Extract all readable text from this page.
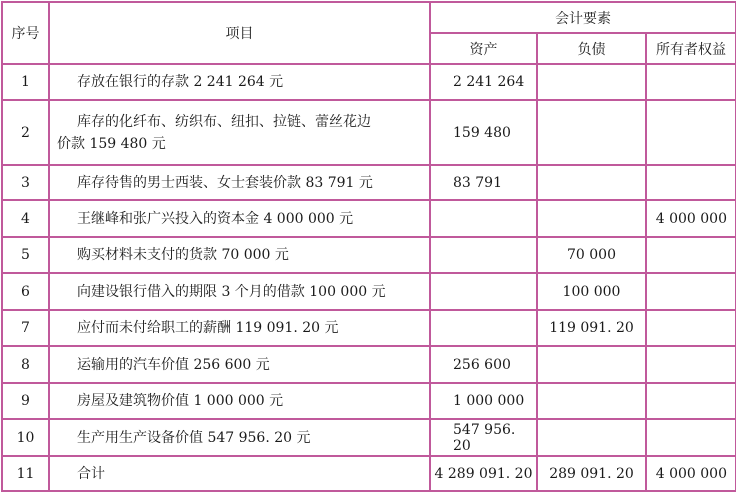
序号	项目	会计要素		
		资产	负债	所有者权益
1	存放在银行的存款 2 241 264 元	2 241 264		
2	库存的化纤布、纺织布、纽扣、拉链、蕾丝花边
价款 159 480 元	159 480		
3	库存待售的男士西装、女士套装价款 83 791 元	83 791		
4	王继峰和张广兴投入的资本金 4 000 000 元			4 000 000
5	购买材料未支付的货款 70 000 元		70 000	
6	向建设银行借入的期限 3 个月的借款 100 000 元		100 000	
7	应付而未付给职工的薪酬 119 091. 20 元		119 091. 20	
8	运输用的汽车价值 256 600 元	256 600		
9	房屋及建筑物价值 1 000 000 元	1 000 000		
10	生产用生产设备价值 547 956. 20 元	547 956. 20		
11	合计	4 289 091. 20	289 091. 20	4 000 000
